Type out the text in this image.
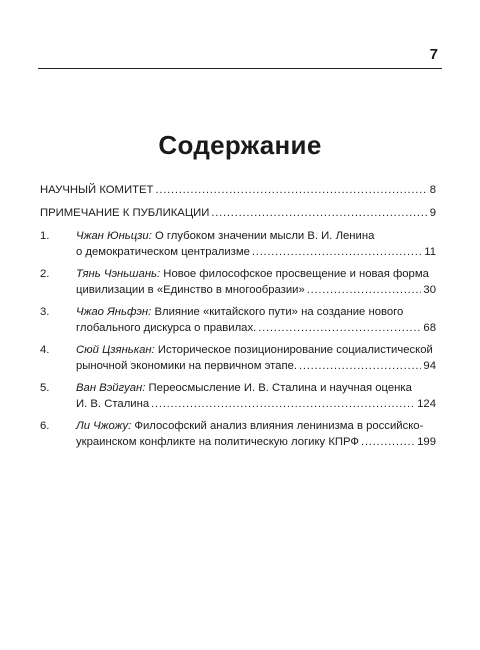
7
Содержание
НАУЧНЫЙ КОМИТЕТ . . .	8
ПРИМЕЧАНИЕ К ПУБЛИКАЦИИ . . .	9
1. Чжан Юньцзи:
О глубоком значении мысли В. И. Ленина
о демократическом централизме . . .	11
2. Тянь Чэньшань:
Новое философское просвещение и новая форма
цивилизации в «Единство в многообразии» . . .	30
3. Чжао Яньфэн:
Влияние «китайского пути» на создание нового
глобального дискурса о правилах. . . .	68
4. Сюй Цзянькан:
Историческое позиционирование социалистической
рыночной экономики на первичном этапе. . . .	94
5. Ван Вэйгуан:
Переосмысление И. В. Сталина и научная оценка
И. В. Сталина . . .	124
6. Ли Чжожу:
Философский анализ влияния ленинизма в российско-
украинском конфликте на политическую логику КПРФ . . .	199
